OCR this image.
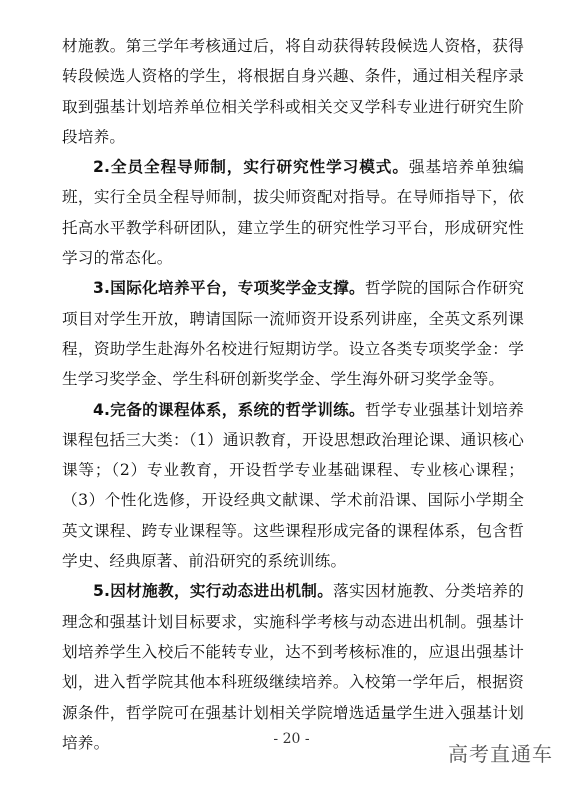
材施教。第三学年考核通过后，将自动获得转段候选人资格，获得转段候选人资格的学生，将根据自身兴趣、条件，通过相关程序录取到强基计划培养单位相关学科或相关交叉学科专业进行研究生阶段培养。

2.全员全程导师制，实行研究性学习模式。强基培养单独编班，实行全员全程导师制，拔尖师资配对指导。在导师指导下，依托高水平教学科研团队，建立学生的研究性学习平台，形成研究性学习的常态化。

3.国际化培养平台，专项奖学金支撑。哲学院的国际合作研究项目对学生开放，聘请国际一流师资开设系列讲座，全英文系列课程，资助学生赴海外名校进行短期访学。设立各类专项奖学金：学生学习奖学金、学生科研创新奖学金、学生海外研习奖学金等。

4.完备的课程体系，系统的哲学训练。哲学专业强基计划培养课程包括三大类：（1）通识教育，开设思想政治理论课、通识核心课等；（2）专业教育，开设哲学专业基础课程、专业核心课程；（3）个性化选修，开设经典文献课、学术前沿课、国际小学期全英文课程、跨专业课程等。这些课程形成完备的课程体系，包含哲学史、经典原著、前沿研究的系统训练。

5.因材施教，实行动态进出机制。落实因材施教、分类培养的理念和强基计划目标要求，实施科学考核与动态进出机制。强基计划培养学生入校后不能转专业，达不到考核标准的，应退出强基计划，进入哲学院其他本科班级继续培养。入校第一学年后，根据资源条件，哲学院可在强基计划相关学院增选适量学生进入强基计划培养。	- 20 -
高考直通车
